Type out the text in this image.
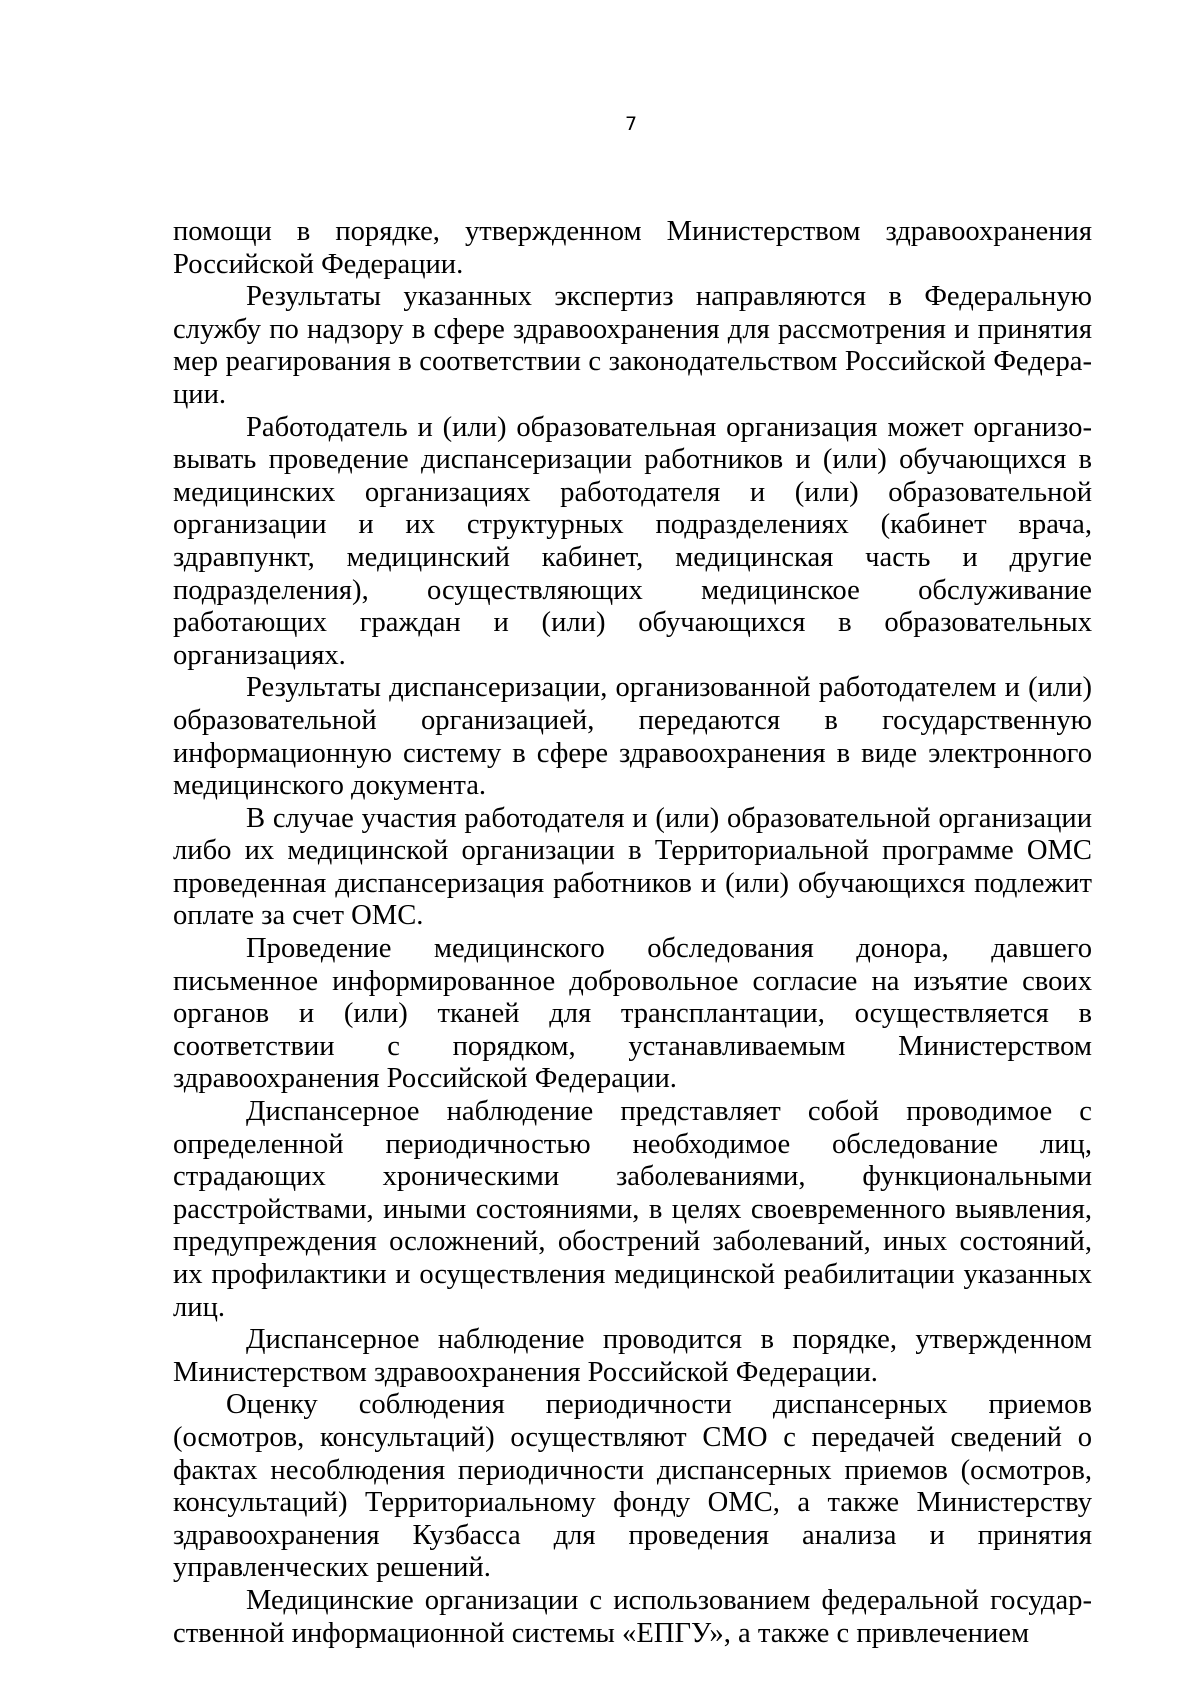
7

помощи в порядке, утвержденном Министерством здравоохранения Российской Федерации.

Результаты указанных экспертиз направляются в Федеральную службу по надзору в сфере здравоохранения для рассмотрения и принятия мер реагирования в соответствии с законодательством Российской Федерации.

Работодатель и (или) образовательная организация может организовывать проведение диспансеризации работников и (или) обучающихся в медицинских организациях работодателя и (или) образовательной организации и их структурных подразделениях (кабинет врача, здравпункт, медицинский кабинет, медицинская часть и другие подразделения), осуществляющих медицинское обслуживание работающих граждан и (или) обучающихся в образовательных организациях.

Результаты диспансеризации, организованной работодателем и (или) образовательной организацией, передаются в государственную информационную систему в сфере здравоохранения в виде электронного медицинского документа.

В случае участия работодателя и (или) образовательной организации либо их медицинской организации в Территориальной программе ОМС проведенная диспансеризация работников и (или) обучающихся подлежит оплате за счет ОМС.

Проведение медицинского обследования донора, давшего письменное информированное добровольное согласие на изъятие своих органов и (или) тканей для трансплантации, осуществляется в соответствии с порядком, устанавливаемым Министерством здравоохранения Российской Федерации.

Диспансерное наблюдение представляет собой проводимое с определенной периодичностью необходимое обследование лиц, страдающих хроническими заболеваниями, функциональными расстройствами, иными состояниями, в целях своевременного выявления, предупреждения осложнений, обострений заболеваний, иных состояний, их профилактики и осуществления медицинской реабилитации указанных лиц.

Диспансерное наблюдение проводится в порядке, утвержденном Министерством здравоохранения Российской Федерации.

Оценку соблюдения периодичности диспансерных приемов (осмотров, консультаций) осуществляют СМО с передачей сведений о фактах несоблюдения периодичности диспансерных приемов (осмотров, консультаций) Территориальному фонду ОМС, а также Министерству здравоохранения Кузбасса для проведения анализа и принятия управленческих решений.

Медицинские организации с использованием федеральной государственной информационной системы «ЕПГУ», а также с привлечением
